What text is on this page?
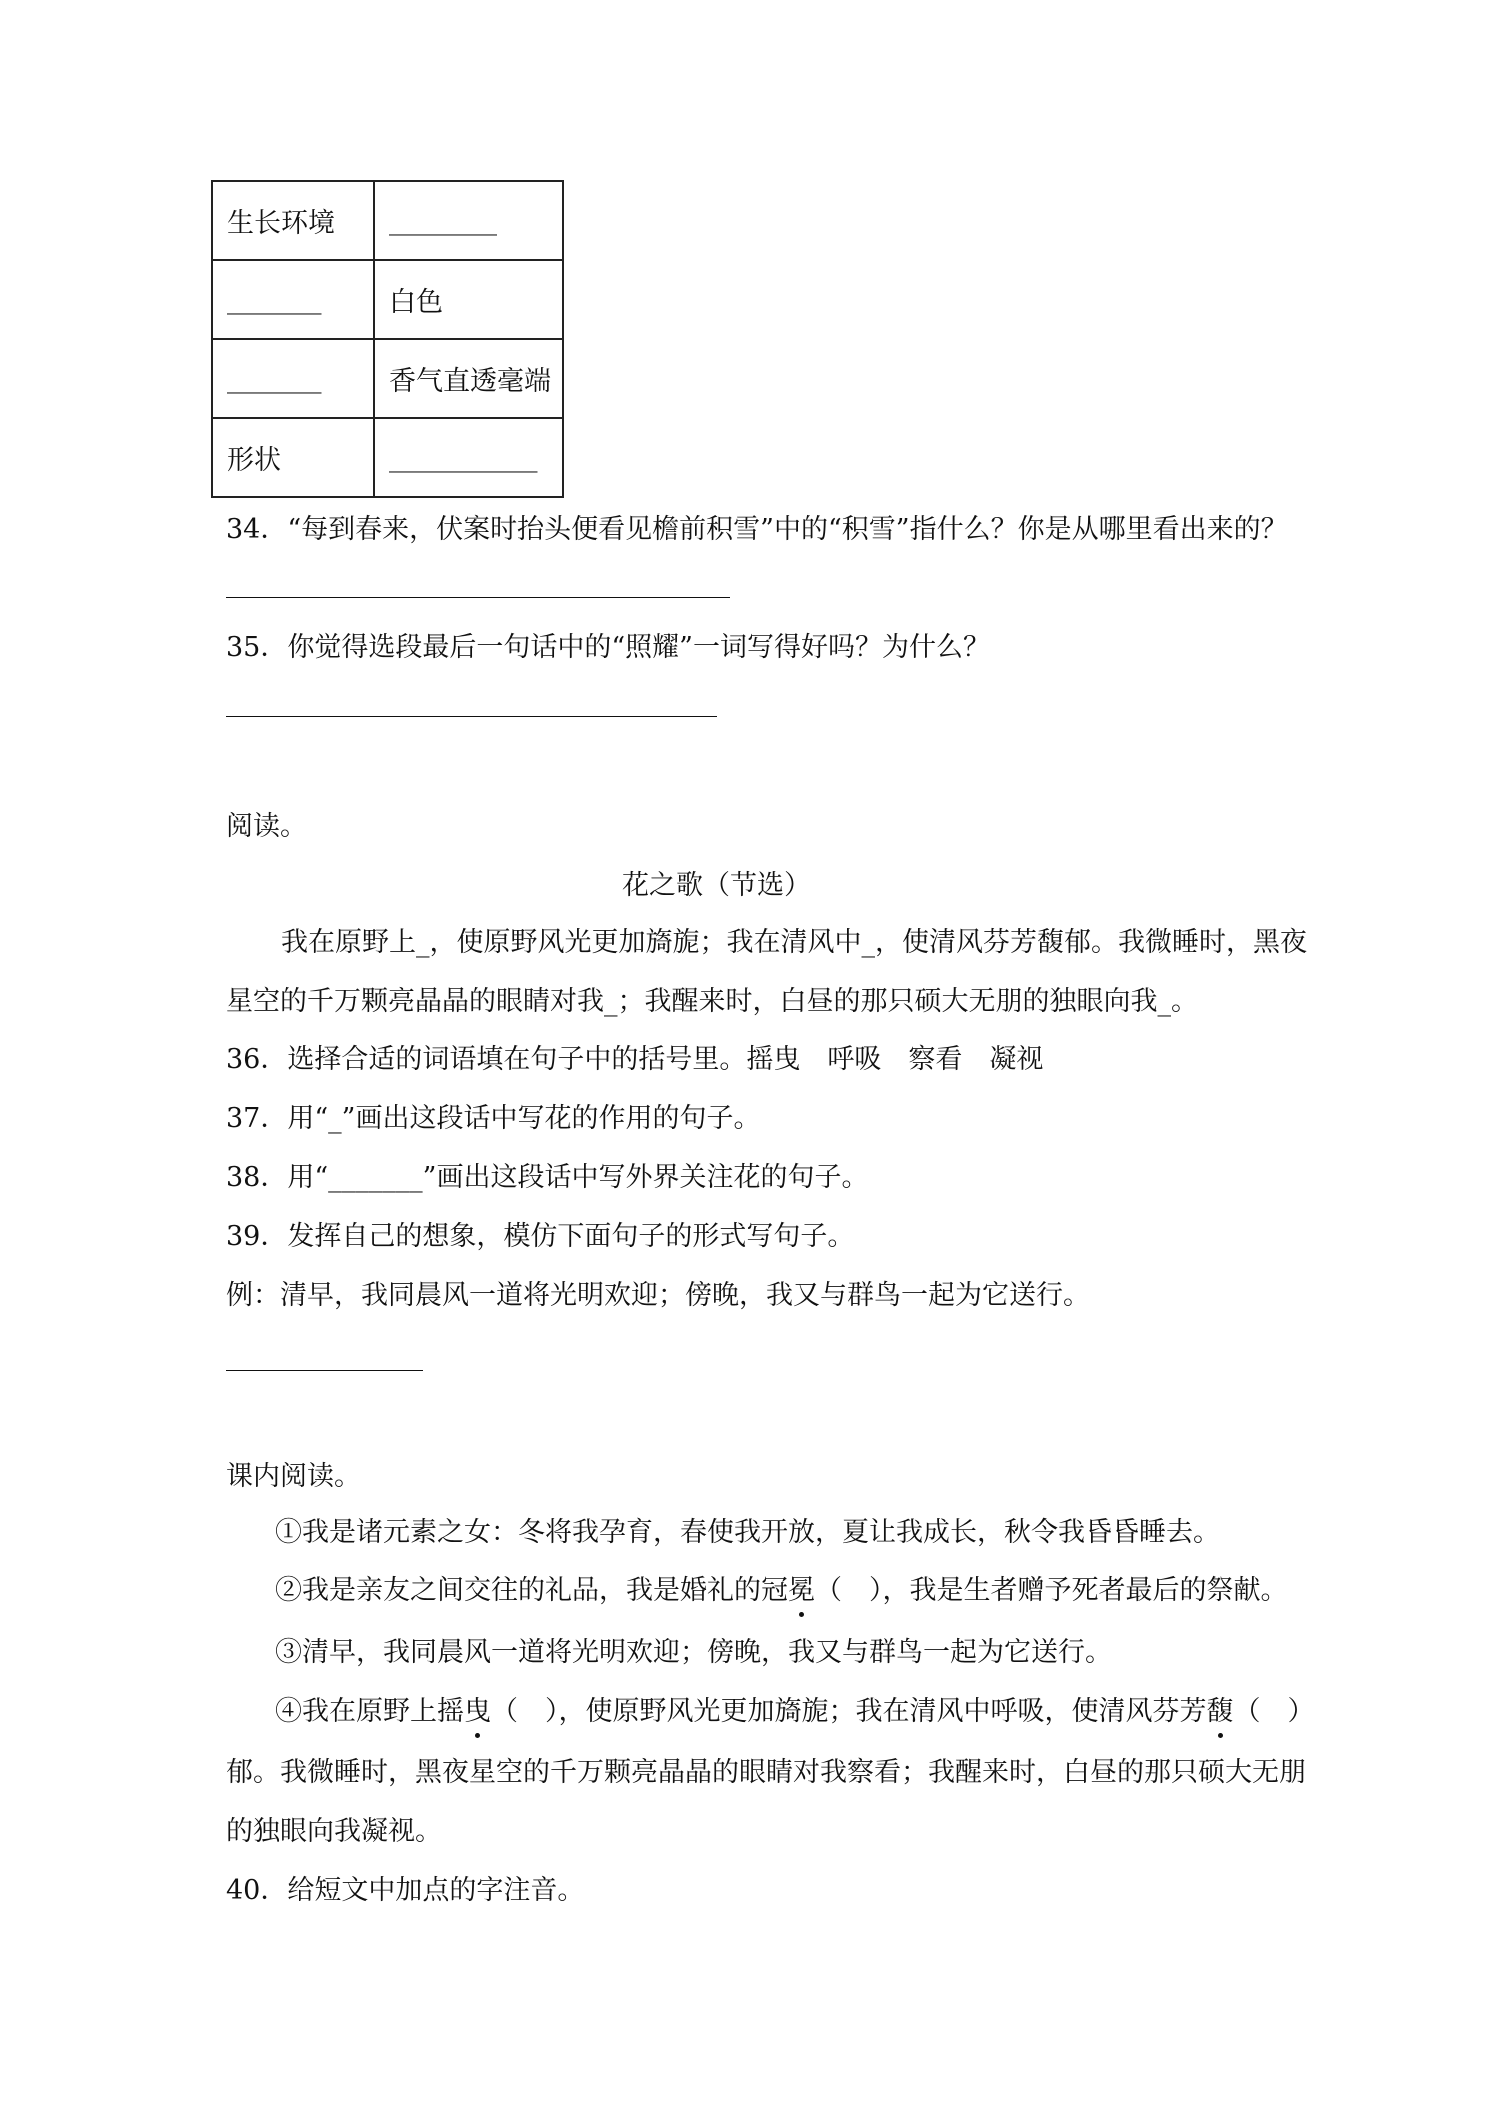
生长环境	________
_______	白色
_______	香气直透毫端
形状	___________
34．“每到春来，伏案时抬头便看见檐前积雪”中的“积雪”指什么？你是从哪里看出来的？
35．你觉得选段最后一句话中的“照耀”一词写得好吗？为什么？
阅读。
花之歌（节选）
我在原野上_，使原野风光更加旖旎；我在清风中_，使清风芬芳馥郁。我微睡时，黑夜
星空的千万颗亮晶晶的眼睛对我_；我醒来时，白昼的那只硕大无朋的独眼向我_。
36．选择合适的词语填在句子中的括号里。摇曳　呼吸　察看　凝视
37．用“_”画出这段话中写花的作用的句子。
38．用“_______”画出这段话中写外界关注花的句子。
39．发挥自己的想象，模仿下面句子的形式写句子。
例：清早，我同晨风一道将光明欢迎；傍晚，我又与群鸟一起为它送行。
课内阅读。
①我是诸元素之女：冬将我孕育，春使我开放，夏让我成长，秋令我昏昏睡去。
②我是亲友之间交往的礼品，我是婚礼的冠冕（　），我是生者赠予死者最后的祭献。
③清早，我同晨风一道将光明欢迎；傍晚，我又与群鸟一起为它送行。
④我在原野上摇曳（　），使原野风光更加旖旎；我在清风中呼吸，使清风芬芳馥（　）
郁。我微睡时，黑夜星空的千万颗亮晶晶的眼睛对我察看；我醒来时，白昼的那只硕大无朋
的独眼向我凝视。
40．给短文中加点的字注音。
